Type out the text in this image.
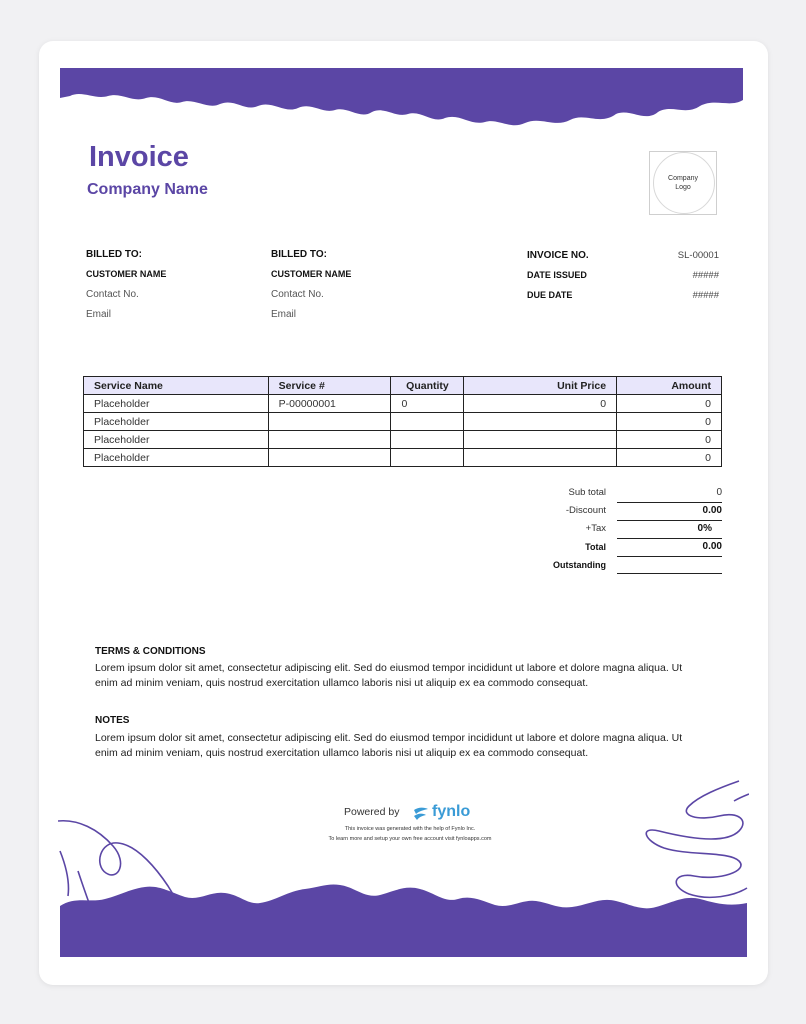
Invoice
Company Name
Company
Logo
BILLED TO:
CUSTOMER NAME
Contact No.
Email
BILLED TO:
CUSTOMER NAME
Contact No.
Email
INVOICE NO.	SL-00001
DATE ISSUED	#####
DUE DATE	#####
Service Name	Service #	Quantity	Unit Price	Amount
Placeholder	P-00000001	0	0	0
Placeholder				0
Placeholder				0
Placeholder				0
Sub total	0
-Discount	0.00
+Tax	0%
Total	0.00
Outstanding
TERMS & CONDITIONS
Lorem ipsum dolor sit amet, consectetur adipiscing elit. Sed do eiusmod tempor incididunt ut labore et dolore magna aliqua. Ut enim ad minim veniam, quis nostrud exercitation ullamco laboris nisi ut aliquip ex ea commodo consequat.
NOTES
Lorem ipsum dolor sit amet, consectetur adipiscing elit. Sed do eiusmod tempor incididunt ut labore et dolore magna aliqua. Ut enim ad minim veniam, quis nostrud exercitation ullamco laboris nisi ut aliquip ex ea commodo consequat.
Powered by fynlo
This invoice was generated with the help of Fynlo Inc.
To learn more and setup your own free account visit fynloapps.com
